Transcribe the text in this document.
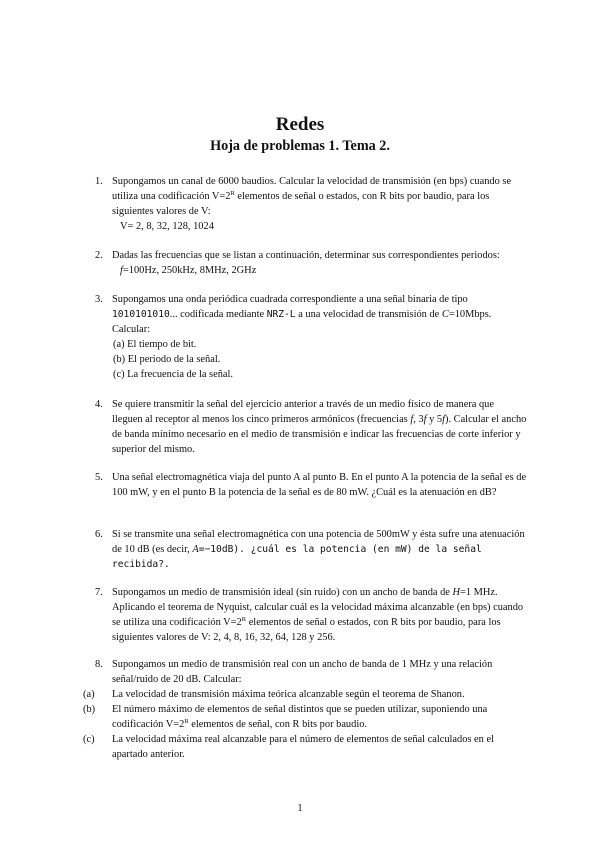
Redes
Hoja de problemas 1. Tema 2.
1. Supongamos un canal de 6000 baudios. Calcular la velocidad de transmisión (en bps) cuando se utiliza una codificación $V=2^R$ elementos de señal o estados, con R bits por baudio, para los siguientes valores de V:
V= 2, 8, 32, 128, 1024
2. Dadas las frecuencias que se listan a continuación, determinar sus correspondientes periodos:
f=100Hz, 250kHz, 8MHz, 2GHz
3. Supongamos una onda periódica cuadrada correspondiente a una señal binaria de tipo 1010101010... codificada mediante NRZ-L a una velocidad de transmisión de C=10Mbps. Calcular:
(a) El tiempo de bit.
(b) El periodo de la señal.
(c) La frecuencia de la señal.
4. Se quiere transmitir la señal del ejercicio anterior a través de un medio físico de manera que lleguen al receptor al menos los cinco primeros armónicos (frecuencias f, 3f y 5f). Calcular el ancho de banda mínimo necesario en el medio de transmisión e indicar las frecuencias de corte inferior y superior del mismo.
5. Una señal electromagnética viaja del punto A al punto B. En el punto A la potencia de la señal es de 100 mW, y en el punto B la potencia de la señal es de 80 mW. ¿Cuál es la atenuación en dB?
6. Si se transmite una señal electromagnética con una potencia de 500mW y ésta sufre una atenuación de 10 dB (es decir, A=−10dB). ¿cuál es la potencia (en mW) de la señal recibida?.
7. Supongamos un medio de transmisión ideal (sin ruido) con un ancho de banda de H=1 MHz. Aplicando el teorema de Nyquist, calcular cuál es la velocidad máxima alcanzable (en bps) cuando se utiliza una codificación $V=2^R$ elementos de señal o estados, con R bits por baudio, para los siguientes valores de V: 2, 4, 8, 16, 32, 64, 128 y 256.
8. Supongamos un medio de transmisión real con un ancho de banda de 1 MHz y una relación señal/ruido de 20 dB. Calcular:
(a) La velocidad de transmisión máxima teórica alcanzable según el teorema de Shanon.
(b) El número máximo de elementos de señal distintos que se pueden utilizar, suponiendo una codificación $V=2^R$ elementos de señal, con R bits por baudio.
(c) La velocidad máxima real alcanzable para el número de elementos de señal calculados en el apartado anterior.
1
